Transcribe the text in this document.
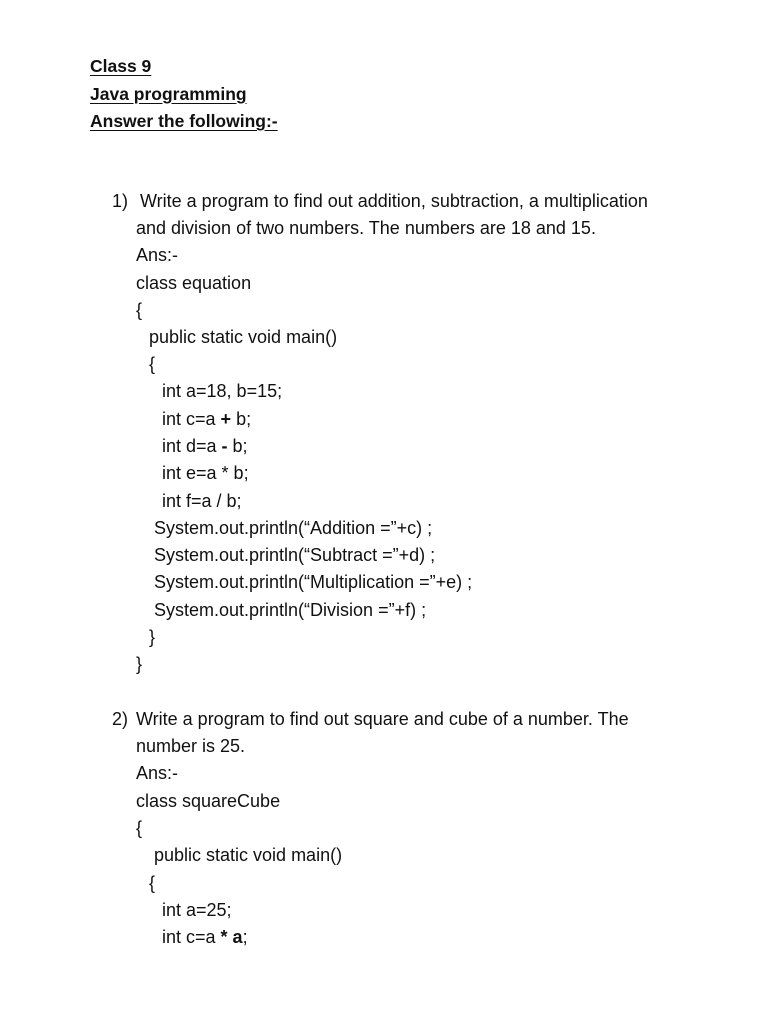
Class 9
Java programming
Answer the following:-
1) Write a program to find out addition, subtraction, a multiplication
and division of two numbers. The numbers are 18 and 15.
Ans:-
class equation
{
public static void main()
{
int a=18, b=15;
int c=a + b;
int d=a - b;
int e=a * b;
int f=a / b;
System.out.println(“Addition =”+c) ;
System.out.println(“Subtract =”+d) ;
System.out.println(“Multiplication =”+e) ;
System.out.println(“Division =”+f) ;
}
}
2) Write a program to find out square and cube of a number. The
number is 25.
Ans:-
class squareCube
{
public static void main()
{
int a=25;
int c=a * a;
